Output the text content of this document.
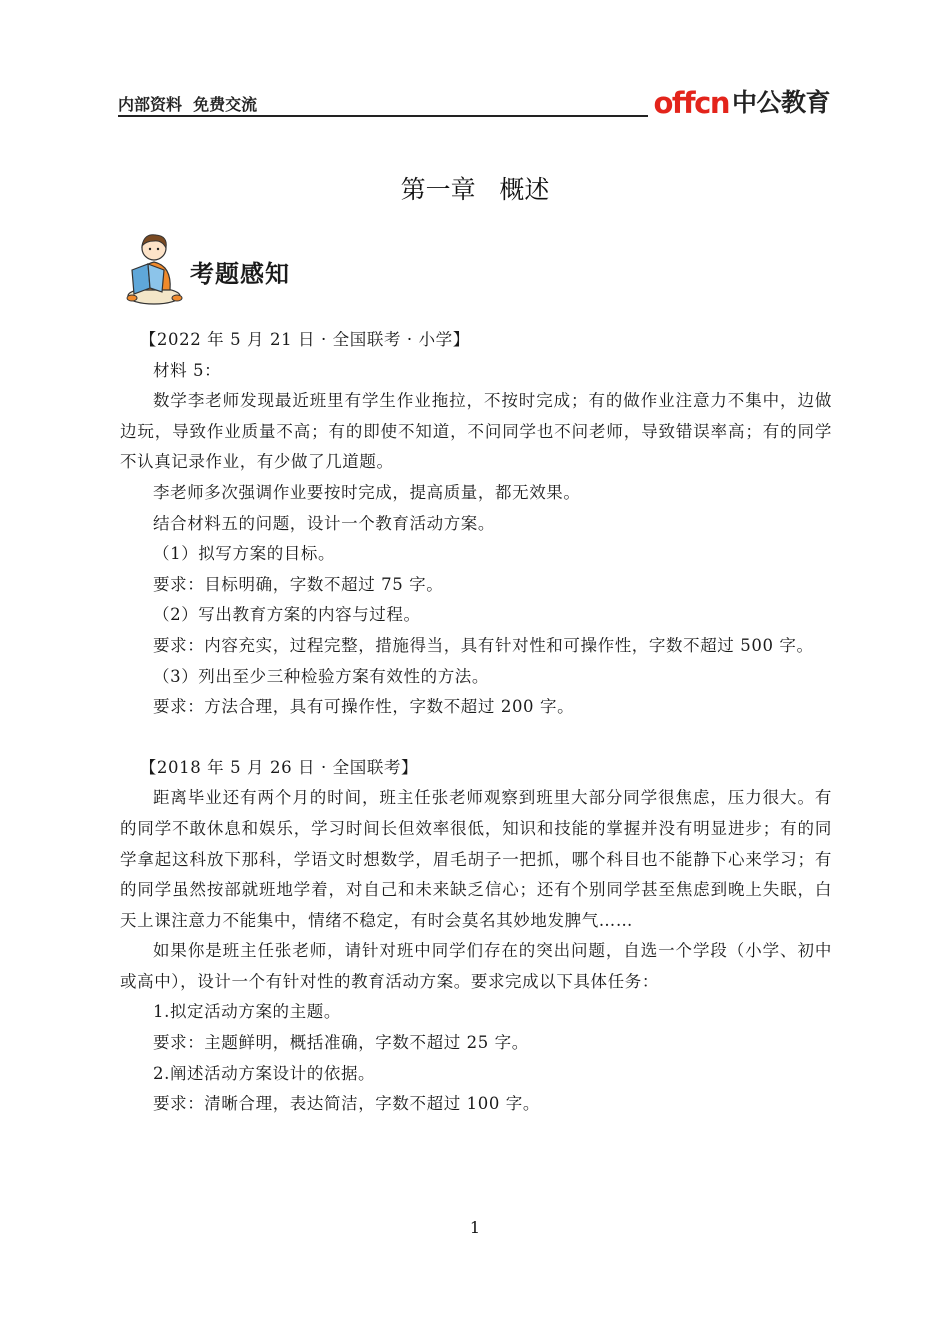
内部资料  免费交流	offcn 中公教育
第一章   概述
考题感知

【2022 年 5 月 21 日 · 全国联考 · 小学】

材料 5：

数学李老师发现最近班里有学生作业拖拉，不按时完成；有的做作业注意力不集中，边做边玩，导致作业质量不高；有的即使不知道，不问同学也不问老师，导致错误率高；有的同学不认真记录作业，有少做了几道题。

李老师多次强调作业要按时完成，提高质量，都无效果。

结合材料五的问题，设计一个教育活动方案。

（1）拟写方案的目标。

要求：目标明确，字数不超过 75 字。

（2）写出教育方案的内容与过程。

要求：内容充实，过程完整，措施得当，具有针对性和可操作性，字数不超过 500 字。

（3）列出至少三种检验方案有效性的方法。

要求：方法合理，具有可操作性，字数不超过 200 字。

【2018 年 5 月 26 日 · 全国联考】

距离毕业还有两个月的时间，班主任张老师观察到班里大部分同学很焦虑，压力很大。有的同学不敢休息和娱乐，学习时间长但效率很低，知识和技能的掌握并没有明显进步；有的同学拿起这科放下那科，学语文时想数学，眉毛胡子一把抓，哪个科目也不能静下心来学习；有的同学虽然按部就班地学着，对自己和未来缺乏信心；还有个别同学甚至焦虑到晚上失眠，白天上课注意力不能集中，情绪不稳定，有时会莫名其妙地发脾气……

如果你是班主任张老师，请针对班中同学们存在的突出问题，自选一个学段（小学、初中或高中），设计一个有针对性的教育活动方案。要求完成以下具体任务：

1.拟定活动方案的主题。

要求：主题鲜明，概括准确，字数不超过 25 字。

2.阐述活动方案设计的依据。

要求：清晰合理，表达简洁，字数不超过 100 字。

1
